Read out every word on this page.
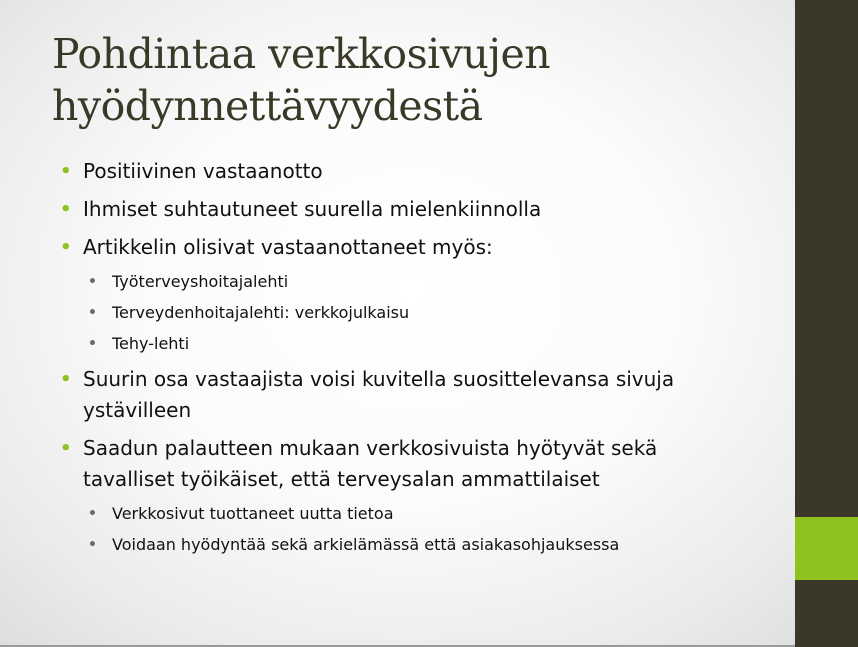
Pohdintaa verkkosivujen
hyödynnettävyydestä
• Positiivinen vastaanotto
• Ihmiset suhtautuneet suurella mielenkiinnolla
• Artikkelin olisivat vastaanottaneet myös:
• Työterveyshoitajalehti
• Terveydenhoitajalehti: verkkojulkaisu
• Tehy-lehti
• Suurin osa vastaajista voisi kuvitella suosittelevansa sivuja ystävilleen
• Saadun palautteen mukaan verkkosivuista hyötyvät sekä tavalliset työikäiset, että terveysalan ammattilaiset
• Verkkosivut tuottaneet uutta tietoa
• Voidaan hyödyntää sekä arkielämässä että asiakasohjauksessa
